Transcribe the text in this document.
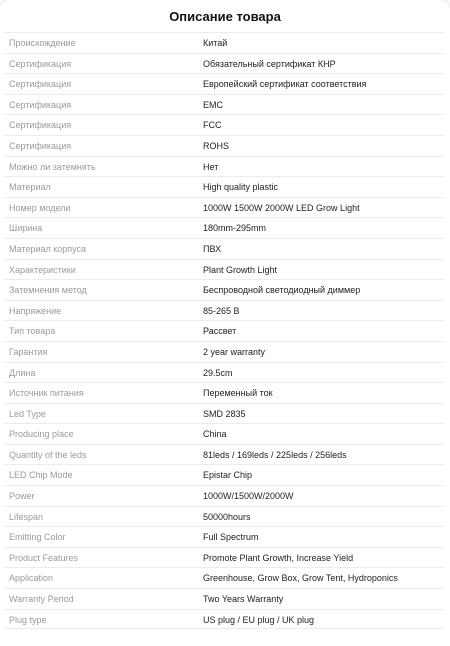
Описание товара
Происхождение	Китай
Сертификация	Обязательный сертификат КНР
Сертификация	Европейский сертификат соответствия
Сертификация	EMC
Сертификация	FCC
Сертификация	ROHS
Можно ли затемнять	Нет
Материал	High quality plastic
Номер модели	1000W 1500W 2000W LED Grow Light
Ширина	180mm-295mm
Материал корпуса	ПВХ
Характеристики	Plant Growth Light
Затемнения метод	Беспроводной светодиодный диммер
Напряжение	85-265 В
Тип товара	Рассвет
Гарантия	2 year warranty
Длина	29.5cm
Источник питания	Переменный ток
Led Type	SMD 2835
Producing place	China
Quantity of the leds	81leds / 169leds / 225leds / 256leds
LED Chip Mode	Epistar Chip
Power	1000W/1500W/2000W
Lifespan	50000hours
Emitting Color	Full Spectrum
Product Features	Promote Plant Growth, Increase Yield
Application	Greenhouse, Grow Box, Grow Tent, Hydroponics
Warranty Period	Two Years Warranty
Plug type	US plug / EU plug / UK plug
